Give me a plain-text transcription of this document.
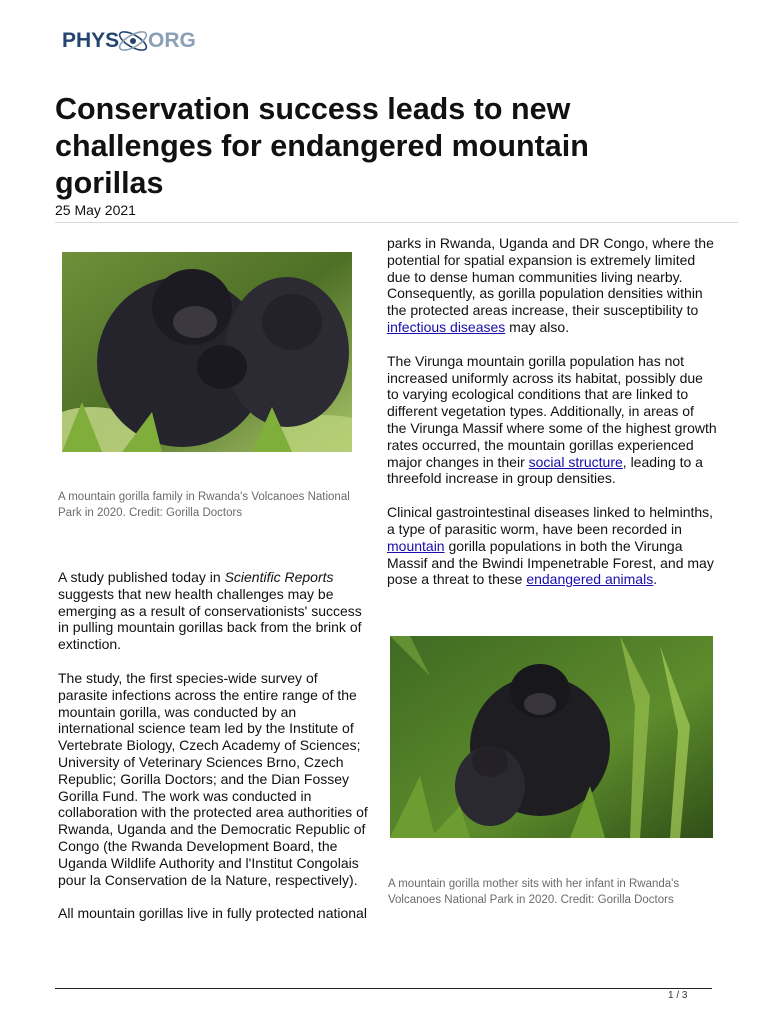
PHYS ORG
Conservation success leads to new challenges for endangered mountain gorillas
25 May 2021
A mountain gorilla family in Rwanda's Volcanoes National Park in 2020. Credit: Gorilla Doctors

A study published today in Scientific Reports suggests that new health challenges may be emerging as a result of conservationists' success in pulling mountain gorillas back from the brink of extinction.

The study, the first species-wide survey of parasite infections across the entire range of the mountain gorilla, was conducted by an international science team led by the Institute of Vertebrate Biology, Czech Academy of Sciences; University of Veterinary Sciences Brno, Czech Republic; Gorilla Doctors; and the Dian Fossey Gorilla Fund. The work was conducted in collaboration with the protected area authorities of Rwanda, Uganda and the Democratic Republic of Congo (the Rwanda Development Board, the Uganda Wildlife Authority and l'Institut Congolais pour la Conservation de la Nature, respectively).

All mountain gorillas live in fully protected national

parks in Rwanda, Uganda and DR Congo, where the potential for spatial expansion is extremely limited due to dense human communities living nearby. Consequently, as gorilla population densities within the protected areas increase, their susceptibility to infectious diseases may also.

The Virunga mountain gorilla population has not increased uniformly across its habitat, possibly due to varying ecological conditions that are linked to different vegetation types. Additionally, in areas of the Virunga Massif where some of the highest growth rates occurred, the mountain gorillas experienced major changes in their social structure, leading to a threefold increase in group densities.

Clinical gastrointestinal diseases linked to helminths, a type of parasitic worm, have been recorded in mountain gorilla populations in both the Virunga Massif and the Bwindi Impenetrable Forest, and may pose a threat to these endangered animals.

A mountain gorilla mother sits with her infant in Rwanda's Volcanoes National Park in 2020. Credit: Gorilla Doctors
1 / 3
